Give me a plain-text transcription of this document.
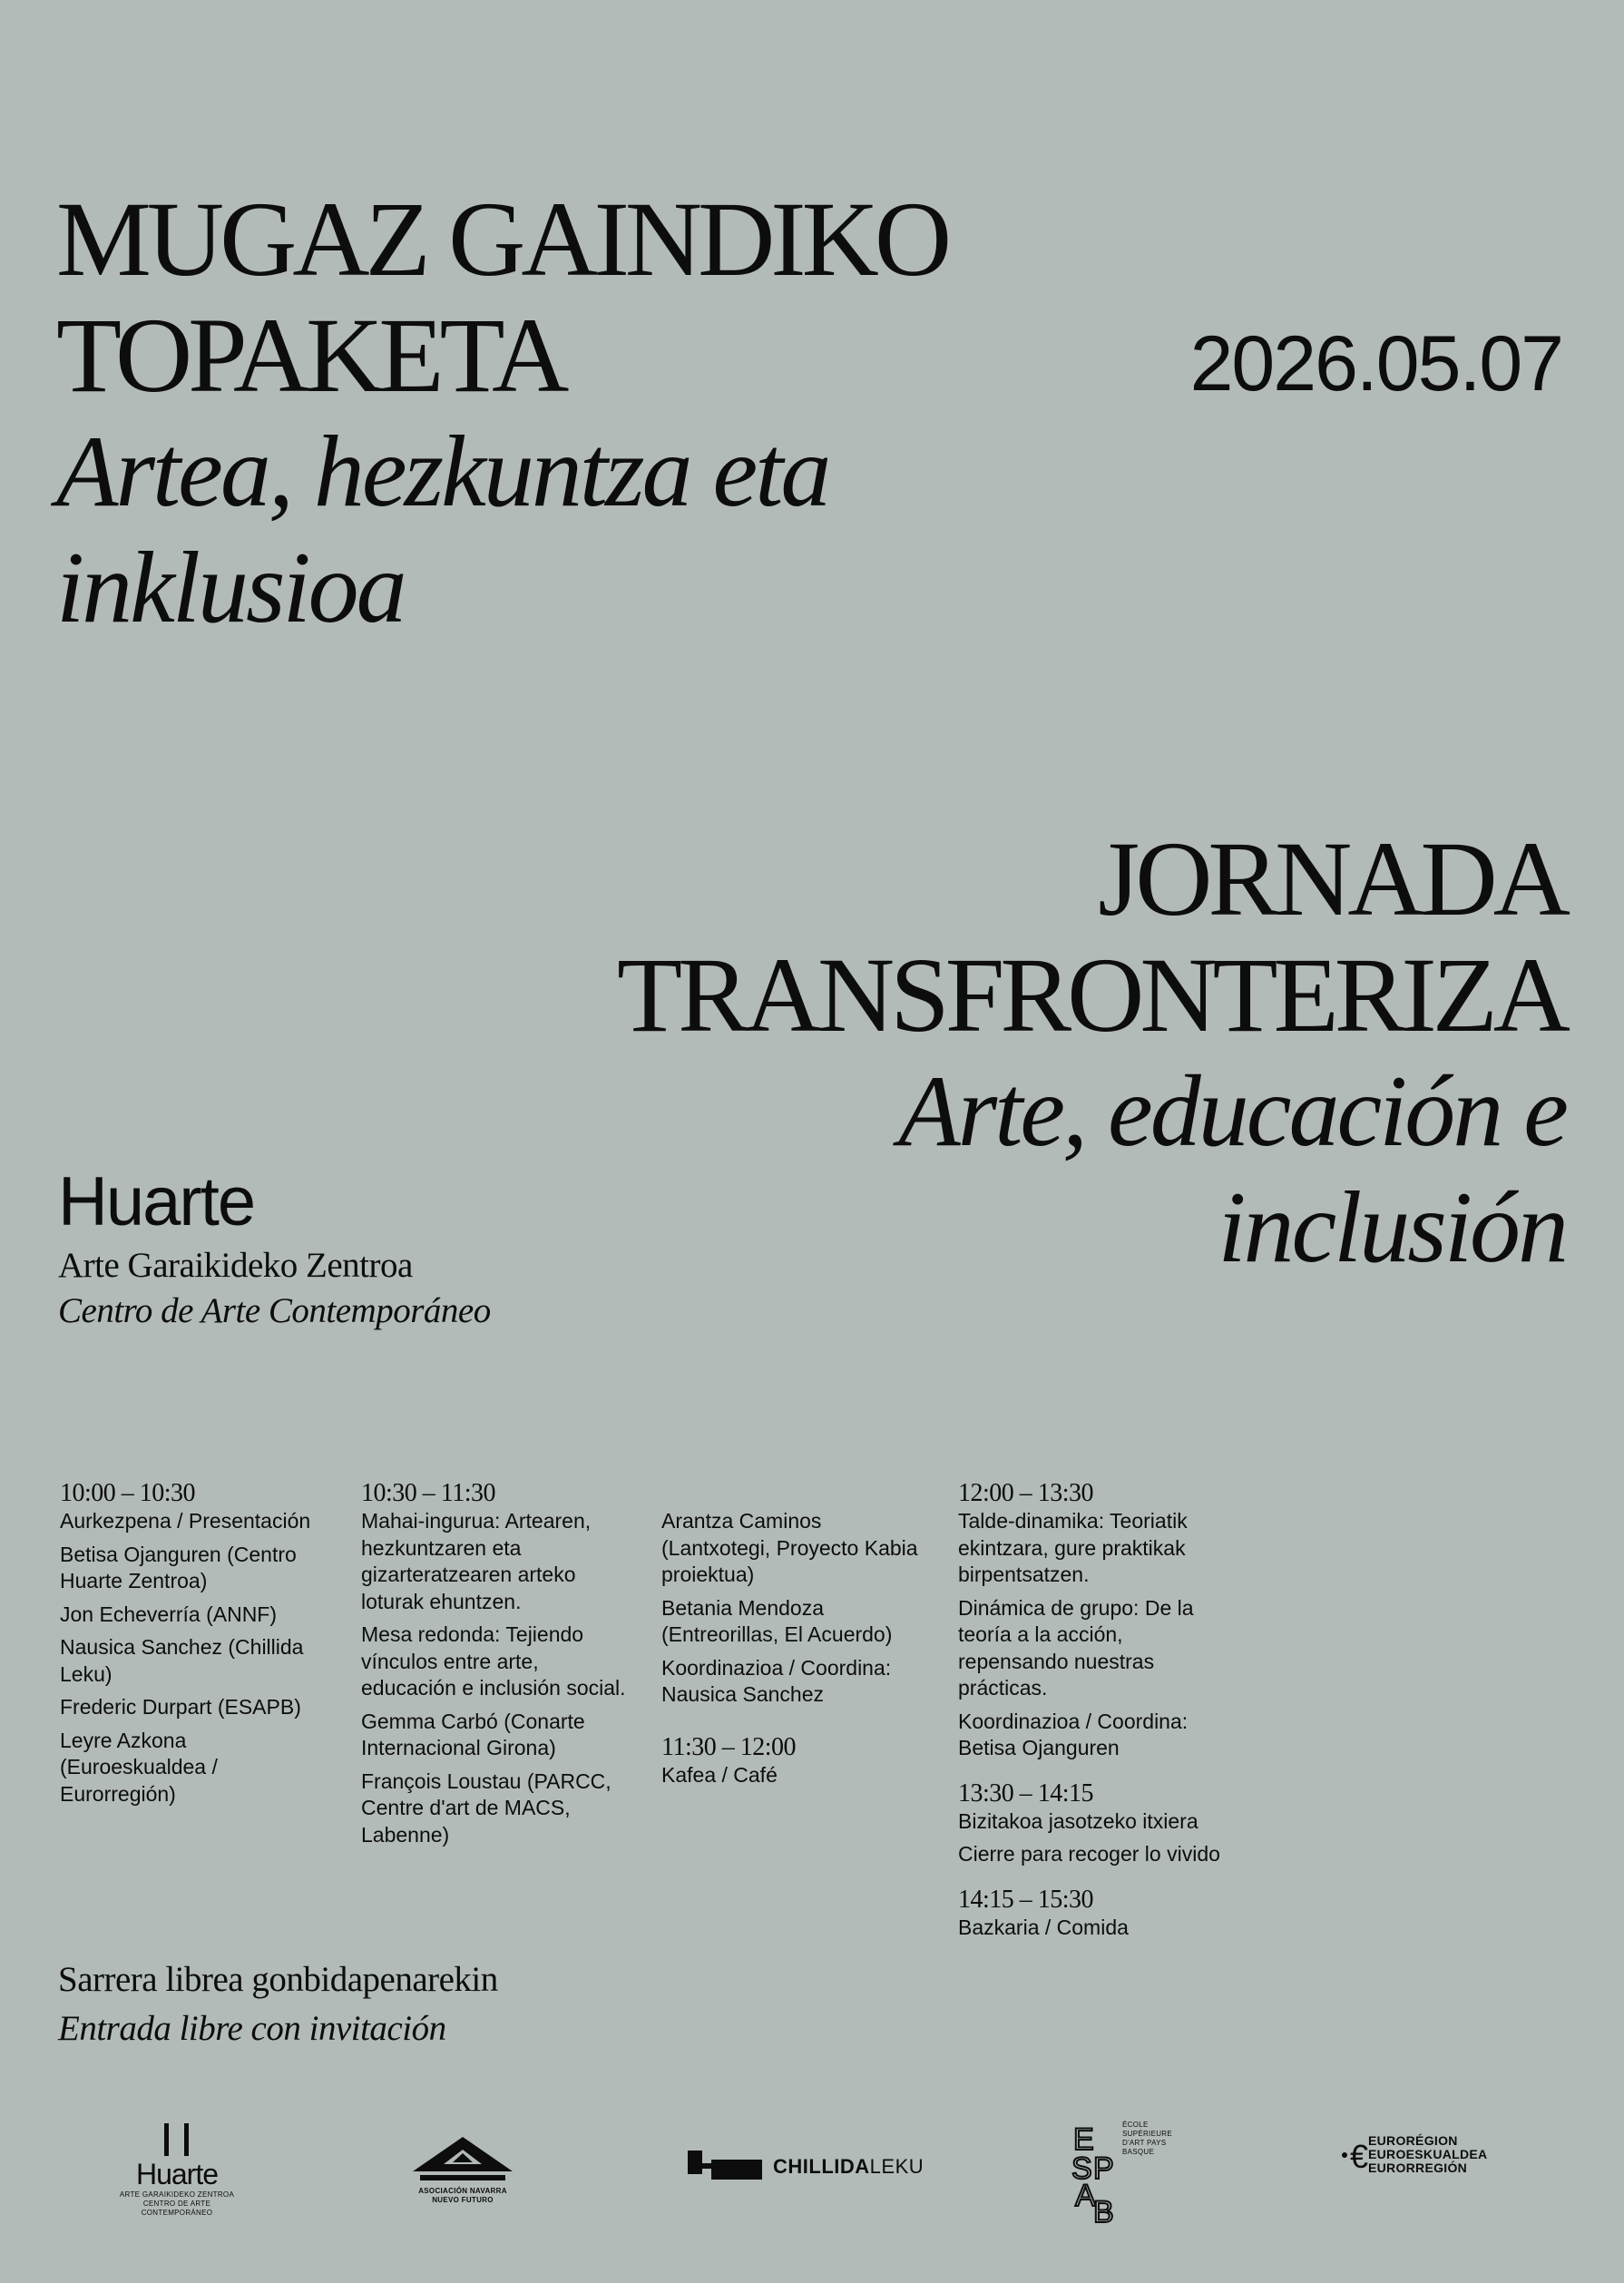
MUGAZ GAINDIKO
TOPAKETA

Artea, hezkuntza eta

inklusioa

2026.05.07
JORNADA
TRANSFRONTERIZA

Arte, educación e

inclusión

Huarte
Arte Garaikideko Zentroa
Centro de Arte Contemporáneo
10:00 – 10:30
Aurkezpena / Presentación
Betisa Ojanguren (Centro Huarte Zentroa)
Jon Echeverría (ANNF)
Nausica Sanchez (Chillida Leku)
Frederic Durpart (ESAPB)
Leyre Azkona (Euroeskualdea / Eurorregión)
10:30 – 11:30
Mahai-ingurua: Artearen, hezkuntzaren eta gizarteratzearen arteko loturak ehuntzen.
Mesa redonda: Tejiendo vínculos entre arte, educación e inclusión social.
Gemma Carbó (Conarte Internacional Girona)
François Loustau (PARCC, Centre d'art de MACS, Labenne)
Arantza Caminos (Lantxotegi, Proyecto Kabia proiektua)
Betania Mendoza (Entreorillas, El Acuerdo)
Koordinazioa / Coordina: Nausica Sanchez
11:30 – 12:00
Kafea / Café
12:00 – 13:30
Talde-dinamika: Teoriatik ekintzara, gure praktikak birpentsatzen.
Dinámica de grupo: De la teoría a la acción, repensando nuestras prácticas.
Koordinazioa / Coordina: Betisa Ojanguren
13:30 – 14:15
Bizitakoa jasotzeko itxiera
Cierre para recoger lo vivido
14:15 – 15:30
Bazkaria / Comida
Sarrera librea gonbidapenarekin
Entrada libre con invitación
Huarte
ARTE GARAIKIDEKO ZENTROA
CENTRO DE ARTE CONTEMPORÁNEO
ASOCIACIÓN NAVARRA
NUEVO FUTURO
CHILLIDA LEKU
E
S P
A
B
ÉCOLE SUPÉRIEURE D'ART PAYS BASQUE	€ EURORÉGION
EUROESKUALDEA
EURORREGIÓN
